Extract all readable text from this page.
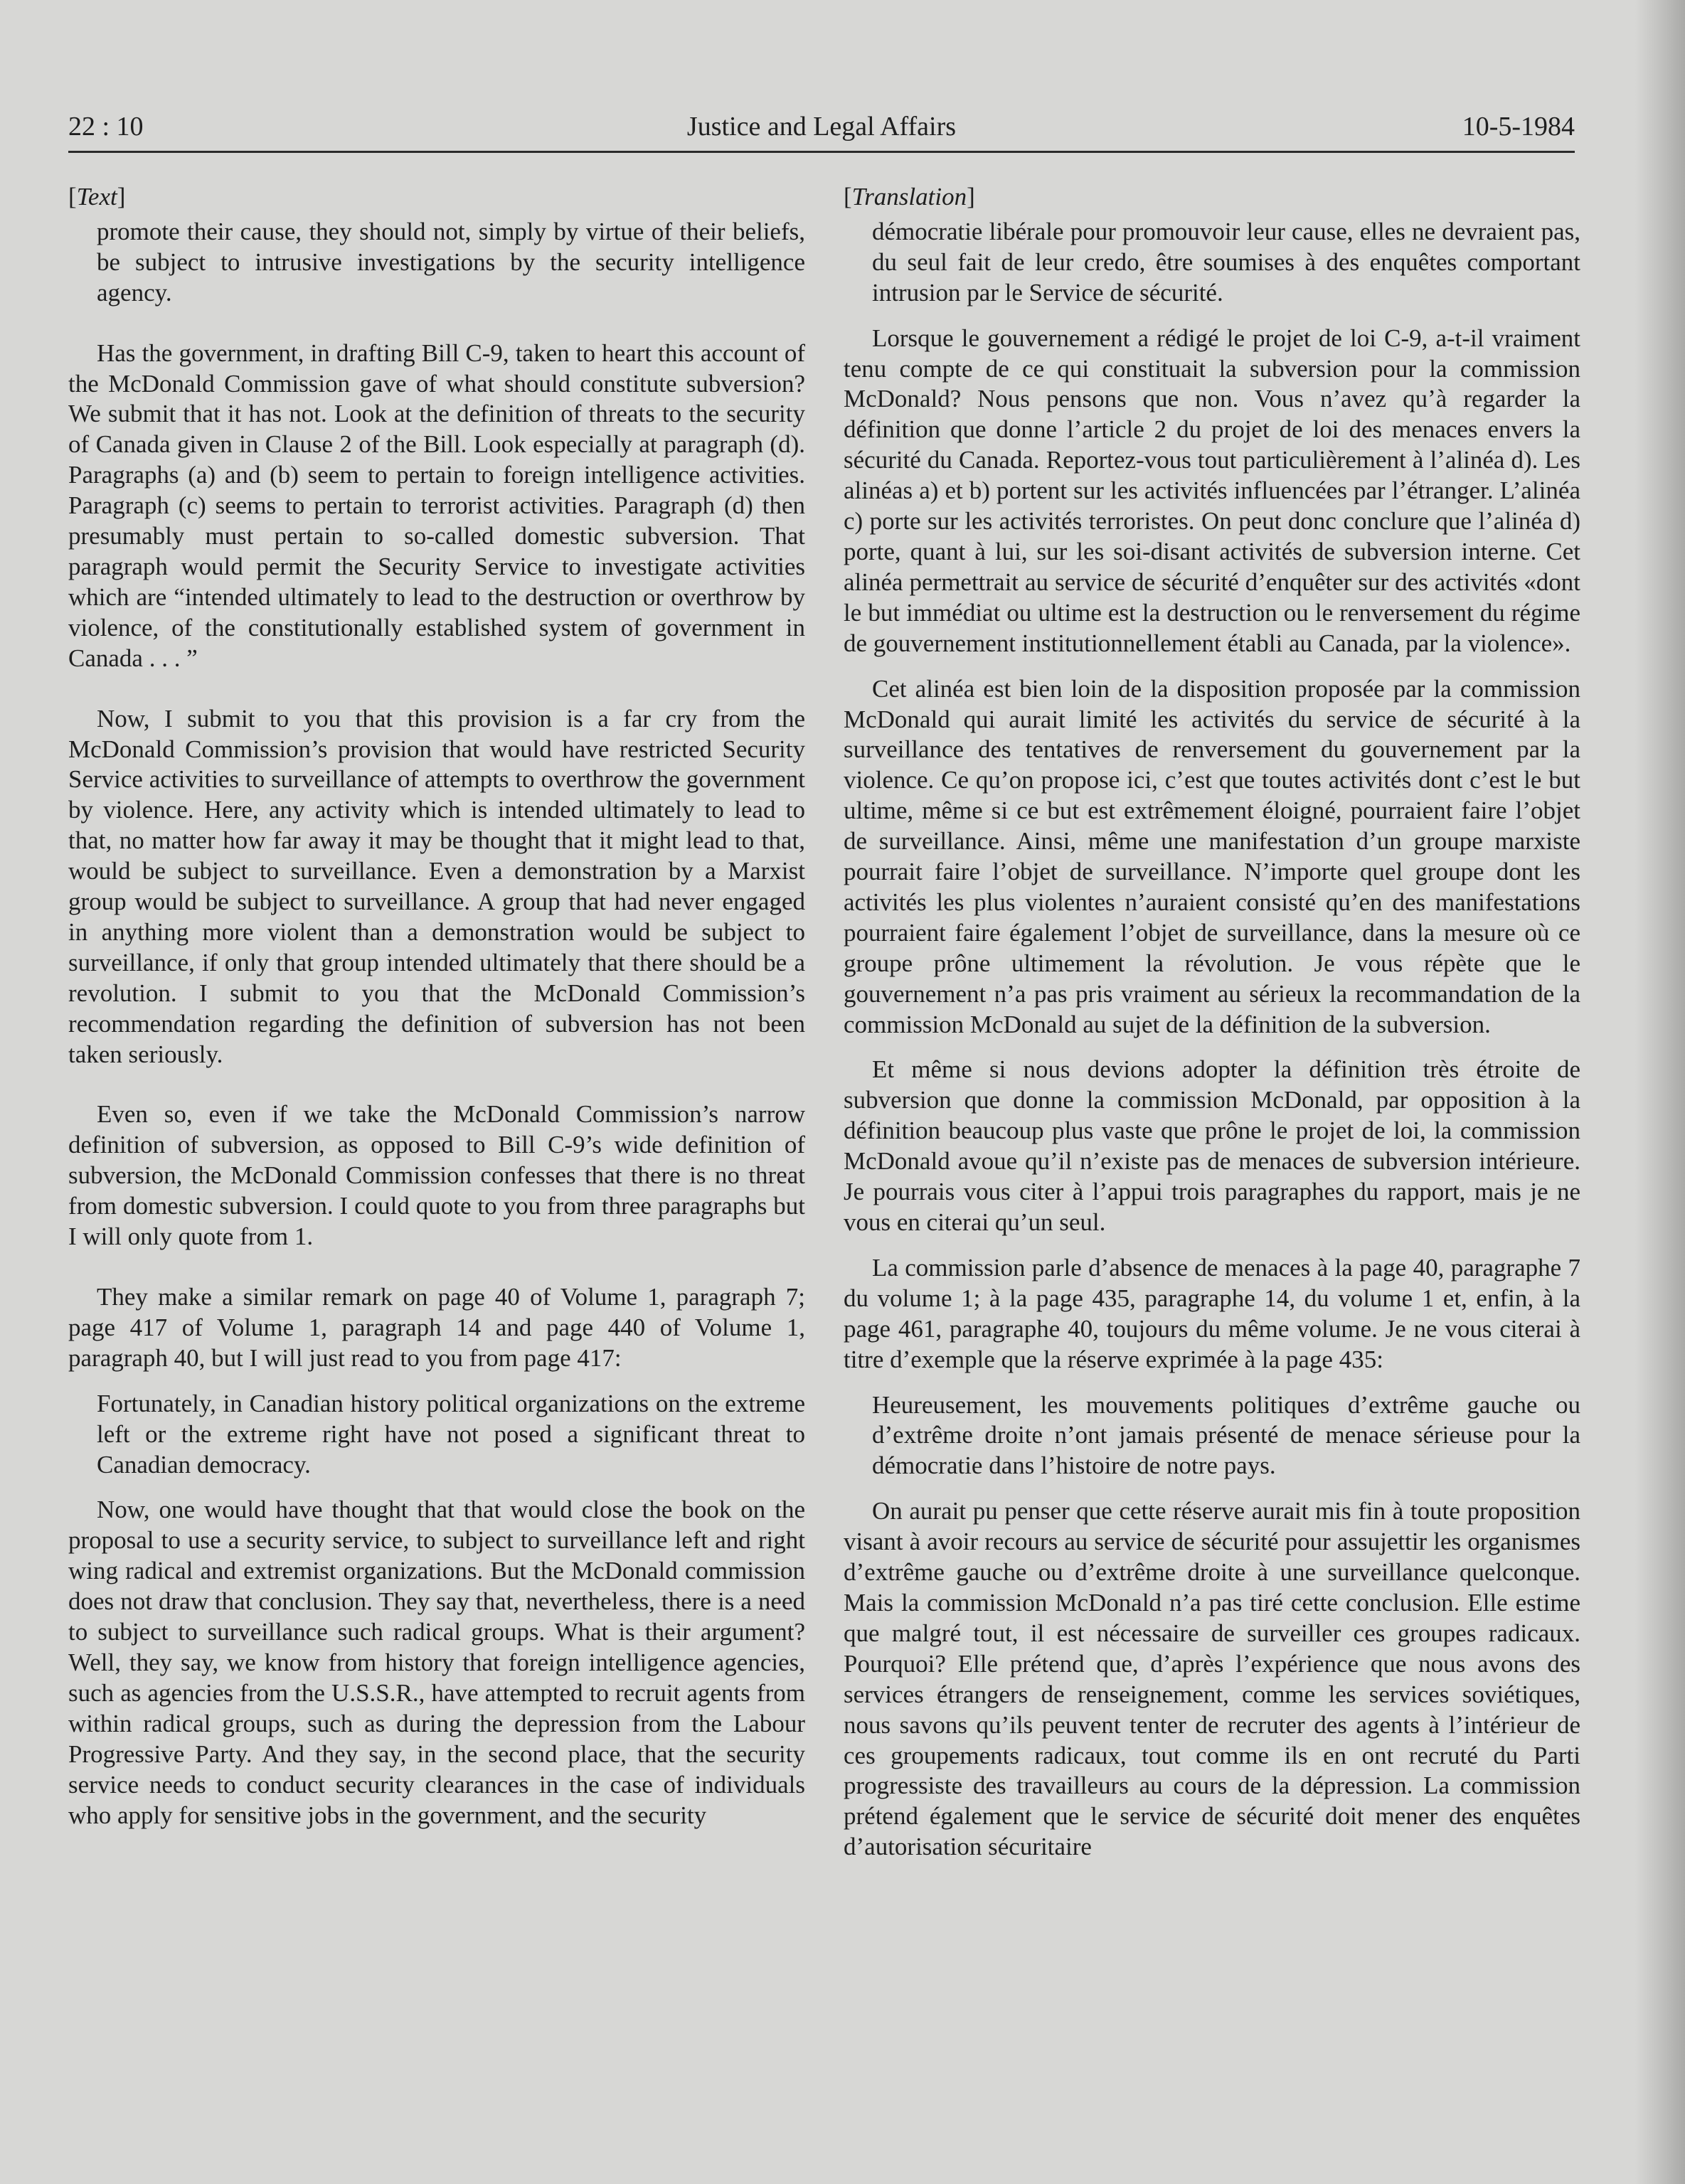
22 : 10	Justice and Legal Affairs	10-5-1984
[Text]

promote their cause, they should not, simply by virtue of their beliefs, be subject to intrusive investigations by the security intelligence agency.

Has the government, in drafting Bill C-9, taken to heart this account of the McDonald Commission gave of what should constitute subversion? We submit that it has not. Look at the definition of threats to the security of Canada given in Clause 2 of the Bill. Look especially at paragraph (d). Paragraphs (a) and (b) seem to pertain to foreign intelligence activities. Paragraph (c) seems to pertain to terrorist activities. Paragraph (d) then presumably must pertain to so-called domestic subversion. That paragraph would permit the Security Service to investigate activities which are “intended ultimately to lead to the destruction or overthrow by violence, of the constitutionally established system of government in Canada . . . ”

Now, I submit to you that this provision is a far cry from the McDonald Commission’s provision that would have restricted Security Service activities to surveillance of attempts to overthrow the government by violence. Here, any activity which is intended ultimately to lead to that, no matter how far away it may be thought that it might lead to that, would be subject to surveillance. Even a demonstration by a Marxist group would be subject to surveillance. A group that had never engaged in anything more violent than a demonstration would be subject to surveillance, if only that group intended ultimately that there should be a revolution. I submit to you that the McDonald Commission’s recommendation regarding the definition of subversion has not been taken seriously.

Even so, even if we take the McDonald Commission’s narrow definition of subversion, as opposed to Bill C-9’s wide definition of subversion, the McDonald Commission confesses that there is no threat from domestic subversion. I could quote to you from three paragraphs but I will only quote from 1.

They make a similar remark on page 40 of Volume 1, paragraph 7; page 417 of Volume 1, paragraph 14 and page 440 of Volume 1, paragraph 40, but I will just read to you from page 417:

Fortunately, in Canadian history political organizations on the extreme left or the extreme right have not posed a significant threat to Canadian democracy.

Now, one would have thought that that would close the book on the proposal to use a security service, to subject to surveillance left and right wing radical and extremist organizations. But the McDonald commission does not draw that conclusion. They say that, nevertheless, there is a need to subject to surveillance such radical groups. What is their argument? Well, they say, we know from history that foreign intelligence agencies, such as agencies from the U.S.S.R., have attempted to recruit agents from within radical groups, such as during the depression from the Labour Progressive Party. And they say, in the second place, that the security service needs to conduct security clearances in the case of individuals who apply for sensitive jobs in the government, and the security

[Translation]

démocratie libérale pour promouvoir leur cause, elles ne devraient pas, du seul fait de leur credo, être soumises à des enquêtes comportant intrusion par le Service de sécurité.

Lorsque le gouvernement a rédigé le projet de loi C-9, a-t-il vraiment tenu compte de ce qui constituait la subversion pour la commission McDonald? Nous pensons que non. Vous n’avez qu’à regarder la définition que donne l’article 2 du projet de loi des menaces envers la sécurité du Canada. Reportez-vous tout particulièrement à l’alinéa d). Les alinéas a) et b) portent sur les activités influencées par l’étranger. L’alinéa c) porte sur les activités terroristes. On peut donc conclure que l’alinéa d) porte, quant à lui, sur les soi-disant activités de subversion interne. Cet alinéa permettrait au service de sécurité d’enquêter sur des activités «dont le but immédiat ou ultime est la destruction ou le renversement du régime de gouvernement institutionnellement établi au Canada, par la violence».

Cet alinéa est bien loin de la disposition proposée par la commission McDonald qui aurait limité les activités du service de sécurité à la surveillance des tentatives de renversement du gouvernement par la violence. Ce qu’on propose ici, c’est que toutes activités dont c’est le but ultime, même si ce but est extrêmement éloigné, pourraient faire l’objet de surveillance. Ainsi, même une manifestation d’un groupe marxiste pourrait faire l’objet de surveillance. N’importe quel groupe dont les activités les plus violentes n’auraient consisté qu’en des manifestations pourraient faire également l’objet de surveillance, dans la mesure où ce groupe prône ultimement la révolution. Je vous répète que le gouvernement n’a pas pris vraiment au sérieux la recommandation de la commission McDonald au sujet de la définition de la subversion.

Et même si nous devions adopter la définition très étroite de subversion que donne la commission McDonald, par opposition à la définition beaucoup plus vaste que prône le projet de loi, la commission McDonald avoue qu’il n’existe pas de menaces de subversion intérieure. Je pourrais vous citer à l’appui trois paragraphes du rapport, mais je ne vous en citerai qu’un seul.

La commission parle d’absence de menaces à la page 40, paragraphe 7 du volume 1; à la page 435, paragraphe 14, du volume 1 et, enfin, à la page 461, paragraphe 40, toujours du même volume. Je ne vous citerai à titre d’exemple que la réserve exprimée à la page 435:

Heureusement, les mouvements politiques d’extrême gauche ou d’extrême droite n’ont jamais présenté de menace sérieuse pour la démocratie dans l’histoire de notre pays.

On aurait pu penser que cette réserve aurait mis fin à toute proposition visant à avoir recours au service de sécurité pour assujettir les organismes d’extrême gauche ou d’extrême droite à une surveillance quelconque. Mais la commission McDonald n’a pas tiré cette conclusion. Elle estime que malgré tout, il est nécessaire de surveiller ces groupes radicaux. Pourquoi? Elle prétend que, d’après l’expérience que nous avons des services étrangers de renseignement, comme les services soviétiques, nous savons qu’ils peuvent tenter de recruter des agents à l’intérieur de ces groupements radicaux, tout comme ils en ont recruté du Parti progressiste des travailleurs au cours de la dépression. La commission prétend également que le service de sécurité doit mener des enquêtes d’autorisation sécuritaire
